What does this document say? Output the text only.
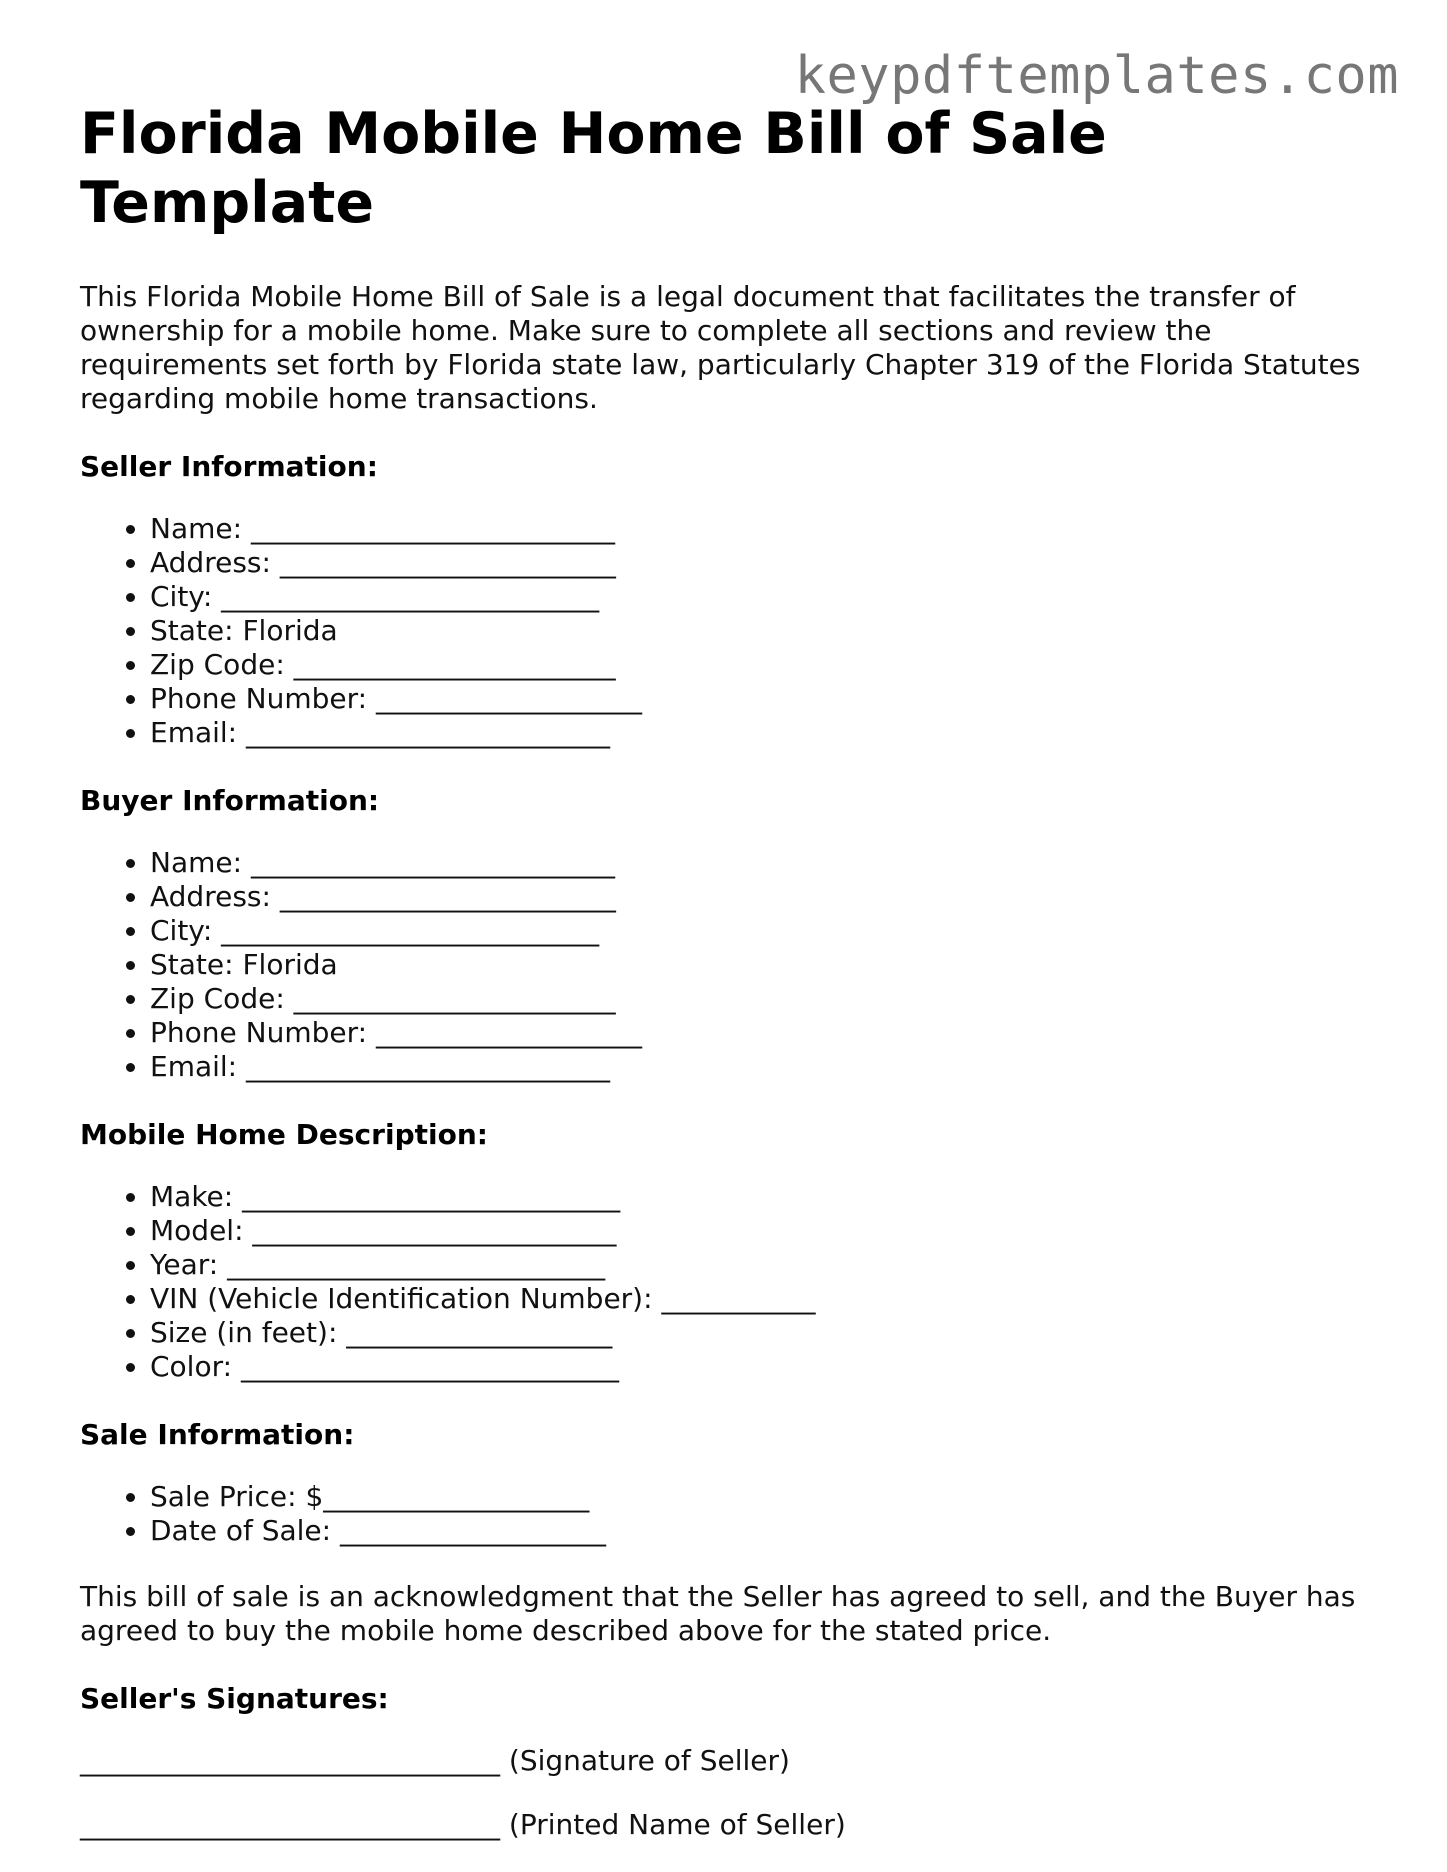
keypdftemplates.com
Florida Mobile Home Bill of Sale Template

This Florida Mobile Home Bill of Sale is a legal document that facilitates the transfer of ownership for a mobile home. Make sure to complete all sections and review the requirements set forth by Florida state law, particularly Chapter 319 of the Florida Statutes regarding mobile home transactions.

Seller Information:
• Name: __________________________
• Address: ________________________
• City: ___________________________
• State: Florida
• Zip Code: _______________________
• Phone Number: ___________________
• Email: __________________________
Buyer Information:
• Name: __________________________
• Address: ________________________
• City: ___________________________
• State: Florida
• Zip Code: _______________________
• Phone Number: ___________________
• Email: __________________________
Mobile Home Description:
• Make: ___________________________
• Model: __________________________
• Year: ___________________________
• VIN (Vehicle Identification Number): ___________
• Size (in feet): ___________________
• Color: ___________________________
Sale Information:
• Sale Price: $___________________
• Date of Sale: ___________________

This bill of sale is an acknowledgment that the Seller has agreed to sell, and the Buyer has agreed to buy the mobile home described above for the stated price.

Seller's Signatures:
______________________________ (Signature of Seller)
______________________________ (Printed Name of Seller)
